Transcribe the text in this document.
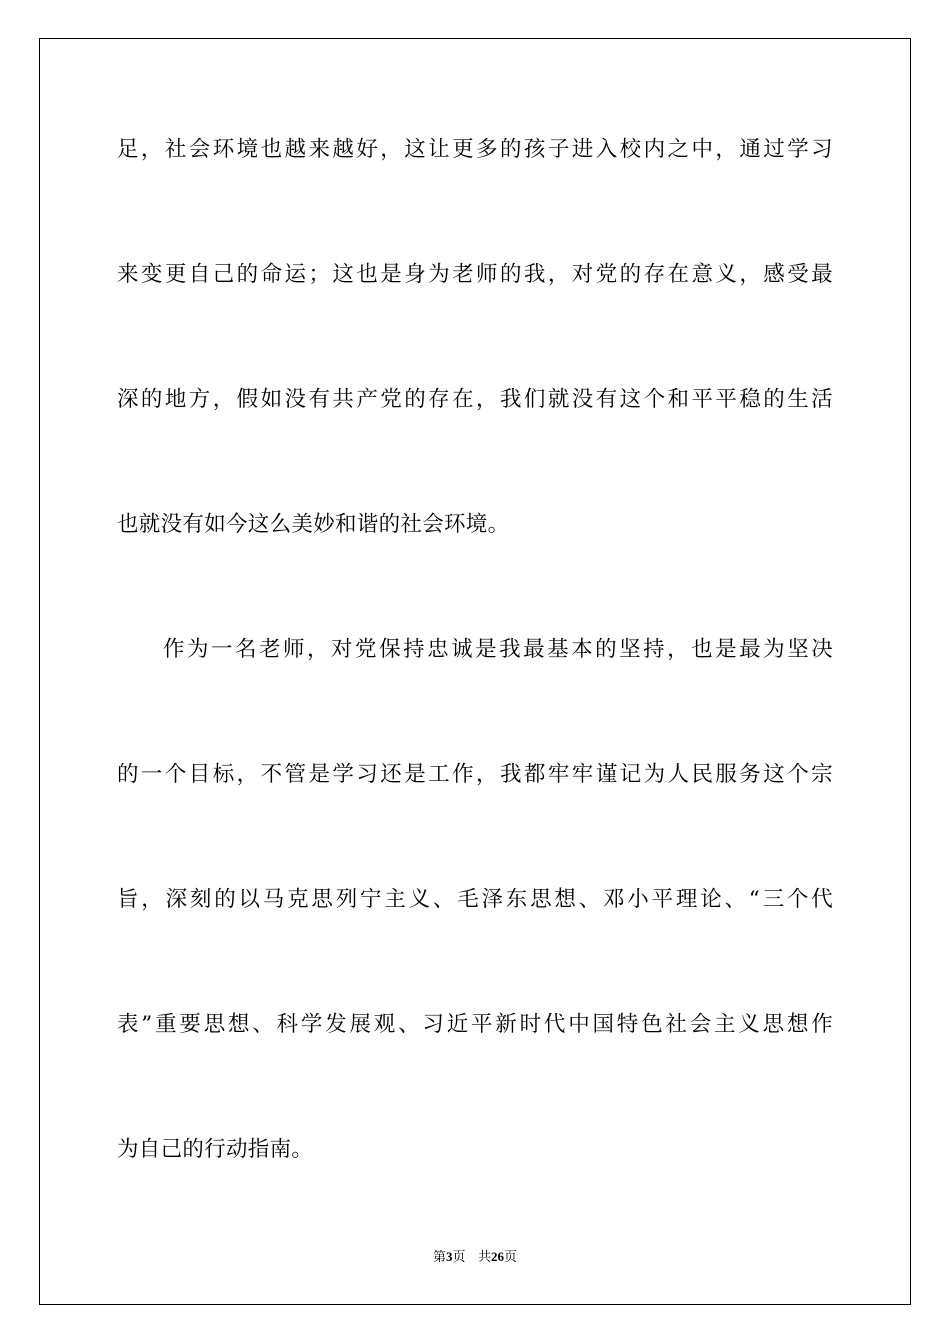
足，社会环境也越来越好，这让更多的孩子进入校内之中，通过学习
来变更自己的命运；这也是身为老师的我，对党的存在意义，感受最
深的地方，假如没有共产党的存在，我们就没有这个和平平稳的生活
也就没有如今这么美妙和谐的社会环境。
作为一名老师，对党保持忠诚是我最基本的坚持，也是最为坚决
的一个目标，不管是学习还是工作，我都牢牢谨记为人民服务这个宗
旨，深刻的以马克思列宁主义、毛泽东思想、邓小平理论、“三个代
表”重要思想、科学发展观、习近平新时代中国特色社会主义思想作
为自己的行动指南。
第3页 共26页
